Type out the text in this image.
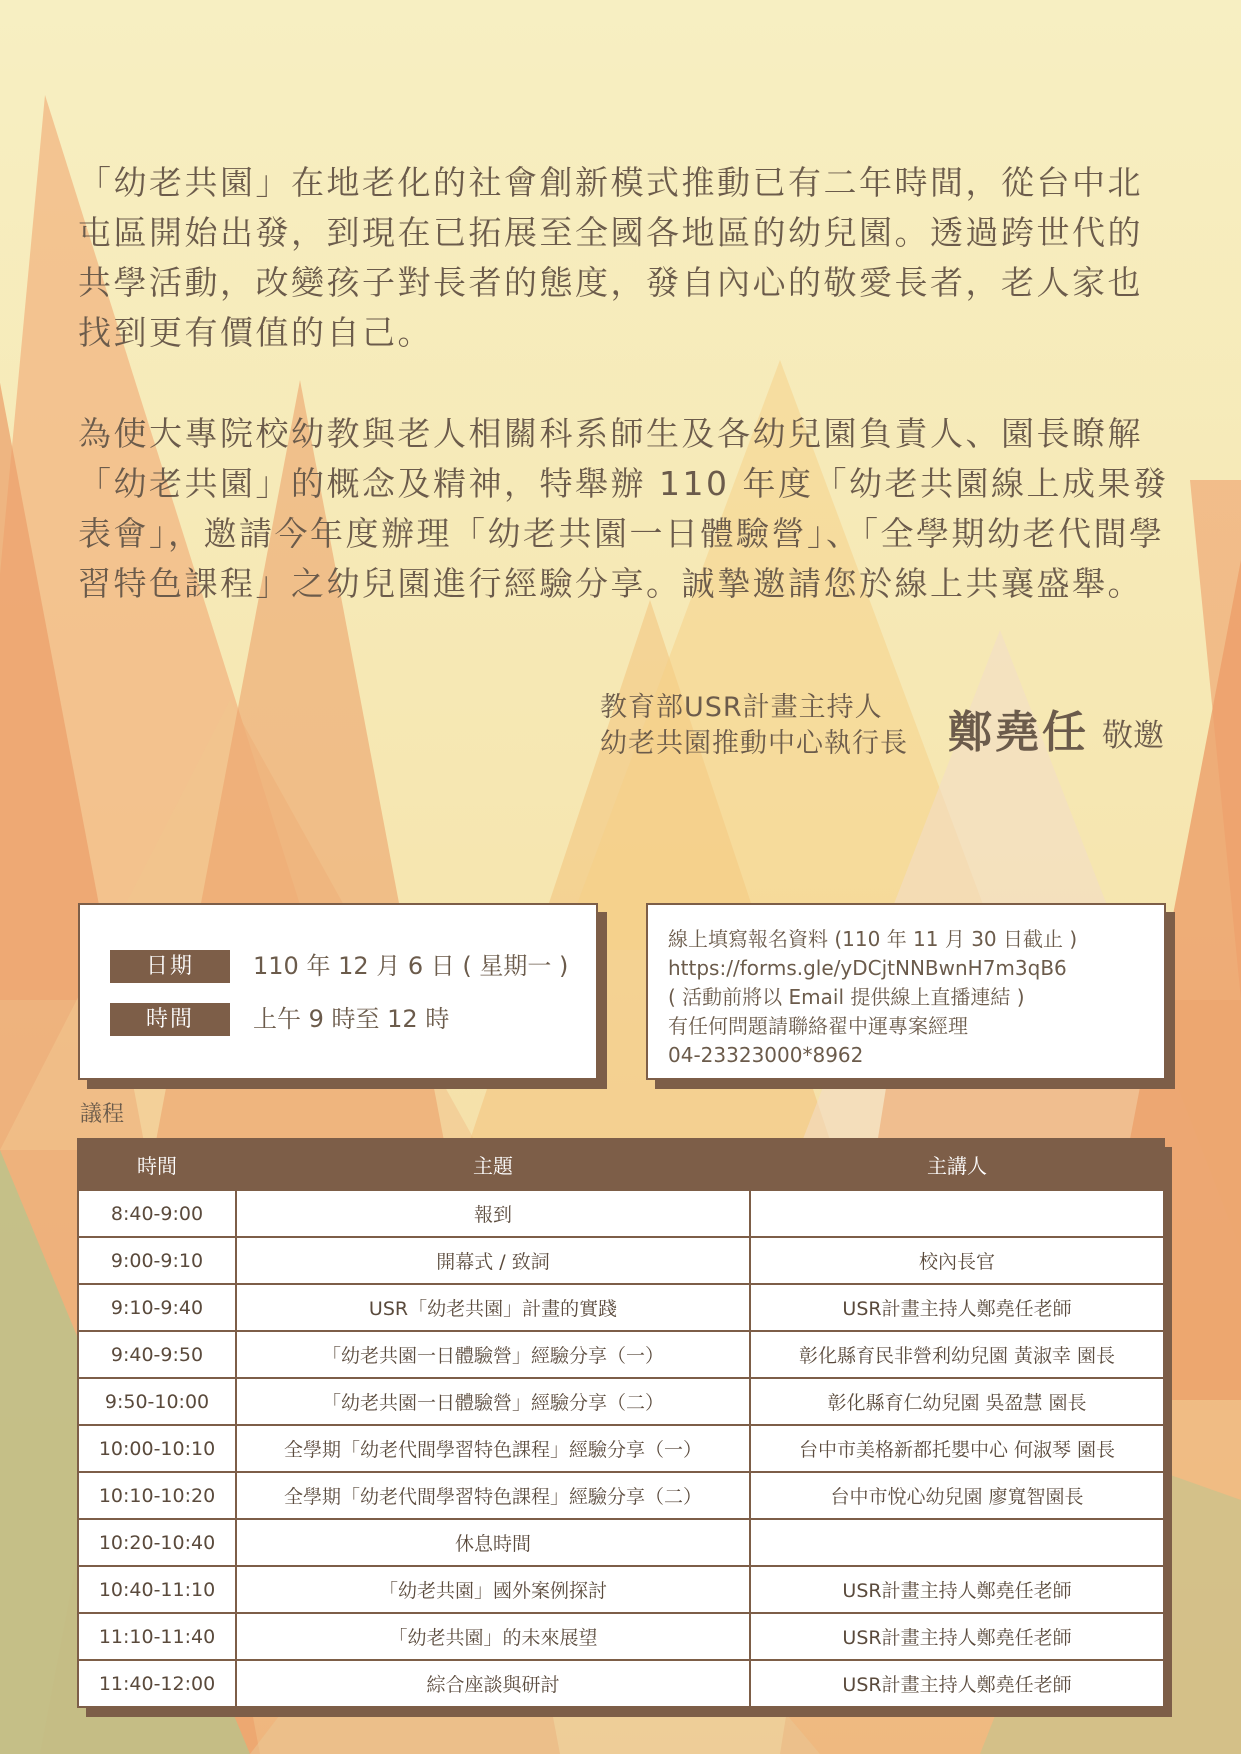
「幼老共園」在地老化的社會創新模式推動已有二年時間，從台中北屯區開始出發，到現在已拓展至全國各地區的幼兒園。透過跨世代的共學活動，改變孩子對長者的態度，發自內心的敬愛長者，老人家也找到更有價值的自己。

為使大專院校幼教與老人相關科系師生及各幼兒園負責人、園長瞭解「幼老共園」的概念及精神，特舉辦 110 年度「幼老共園線上成果發表會」，邀請今年度辦理「幼老共園一日體驗營」、「全學期幼老代間學習特色課程」之幼兒園進行經驗分享。誠摯邀請您於線上共襄盛舉。

教育部USR計畫主持人
幼老共園推動中心執行長 鄭堯任 敬邀
日期	110 年 12 月 6 日 ( 星期一 )
時間	上午 9 時至 12 時
線上填寫報名資料 (110 年 11 月 30 日截止 )
https://forms.gle/yDCjtNNBwnH7m3qB6
( 活動前將以 Email 提供線上直播連結 )
有任何問題請聯絡翟中運專案經理
04-23323000*8962
議程
時間	主題	主講人
8:40-9:00	報到	
9:00-9:10	開幕式 / 致詞	校內長官
9:10-9:40	USR「幼老共園」計畫的實踐	USR計畫主持人鄭堯任老師
9:40-9:50	「幼老共園一日體驗營」經驗分享（一）	彰化縣育民非營利幼兒園 黃淑幸 園長
9:50-10:00	「幼老共園一日體驗營」經驗分享（二）	彰化縣育仁幼兒園 吳盈慧 園長
10:00-10:10	全學期「幼老代間學習特色課程」經驗分享（一）	台中市美格新都托嬰中心 何淑琴 園長
10:10-10:20	全學期「幼老代間學習特色課程」經驗分享（二）	台中市悅心幼兒園 廖寬智園長
10:20-10:40	休息時間	
10:40-11:10	「幼老共園」國外案例探討	USR計畫主持人鄭堯任老師
11:10-11:40	「幼老共園」的未來展望	USR計畫主持人鄭堯任老師
11:40-12:00	綜合座談與研討	USR計畫主持人鄭堯任老師
